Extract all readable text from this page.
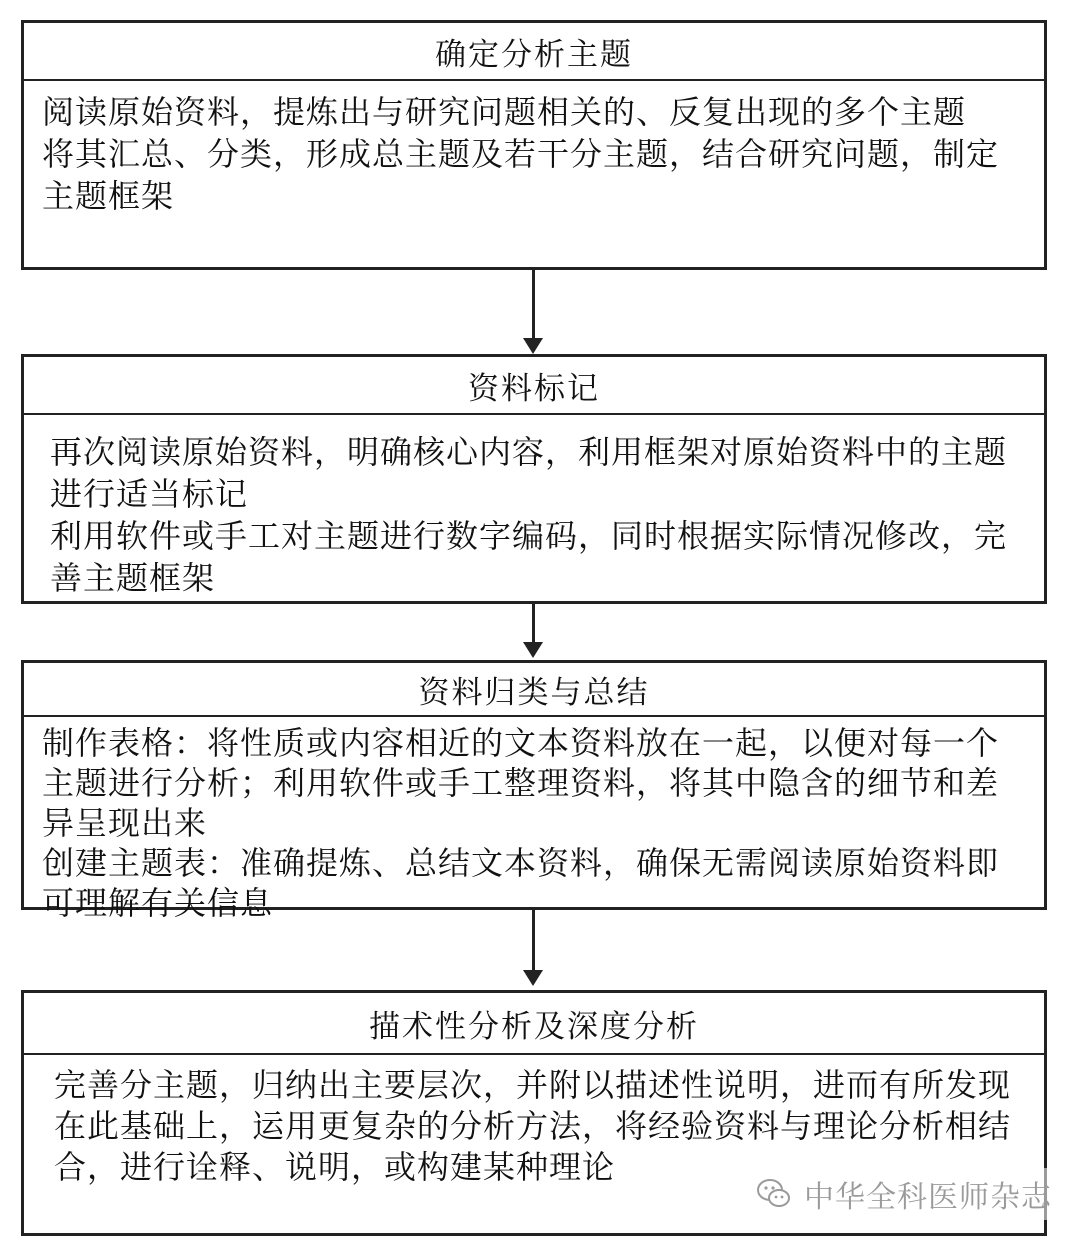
确定分析主题

阅读原始资料，提炼出与研究问题相关的、反复出现的多个主题

将其汇总、分类，形成总主题及若干分主题，结合研究问题，制定主题框架

资料标记

再次阅读原始资料，明确核心内容，利用框架对原始资料中的主题进行适当标记

利用软件或手工对主题进行数字编码，同时根据实际情况修改，完善主题框架

资料归类与总结

制作表格：将性质或内容相近的文本资料放在一起，以便对每一个主题进行分析；利用软件或手工整理资料，将其中隐含的细节和差异呈现出来

创建主题表：准确提炼、总结文本资料，确保无需阅读原始资料即可理解有关信息

描术性分析及深度分析

完善分主题，归纳出主要层次，并附以描述性说明，进而有所发现

在此基础上，运用更复杂的分析方法，将经验资料与理论分析相结合，进行诠释、说明，或构建某种理论

中华全科医师杂志
